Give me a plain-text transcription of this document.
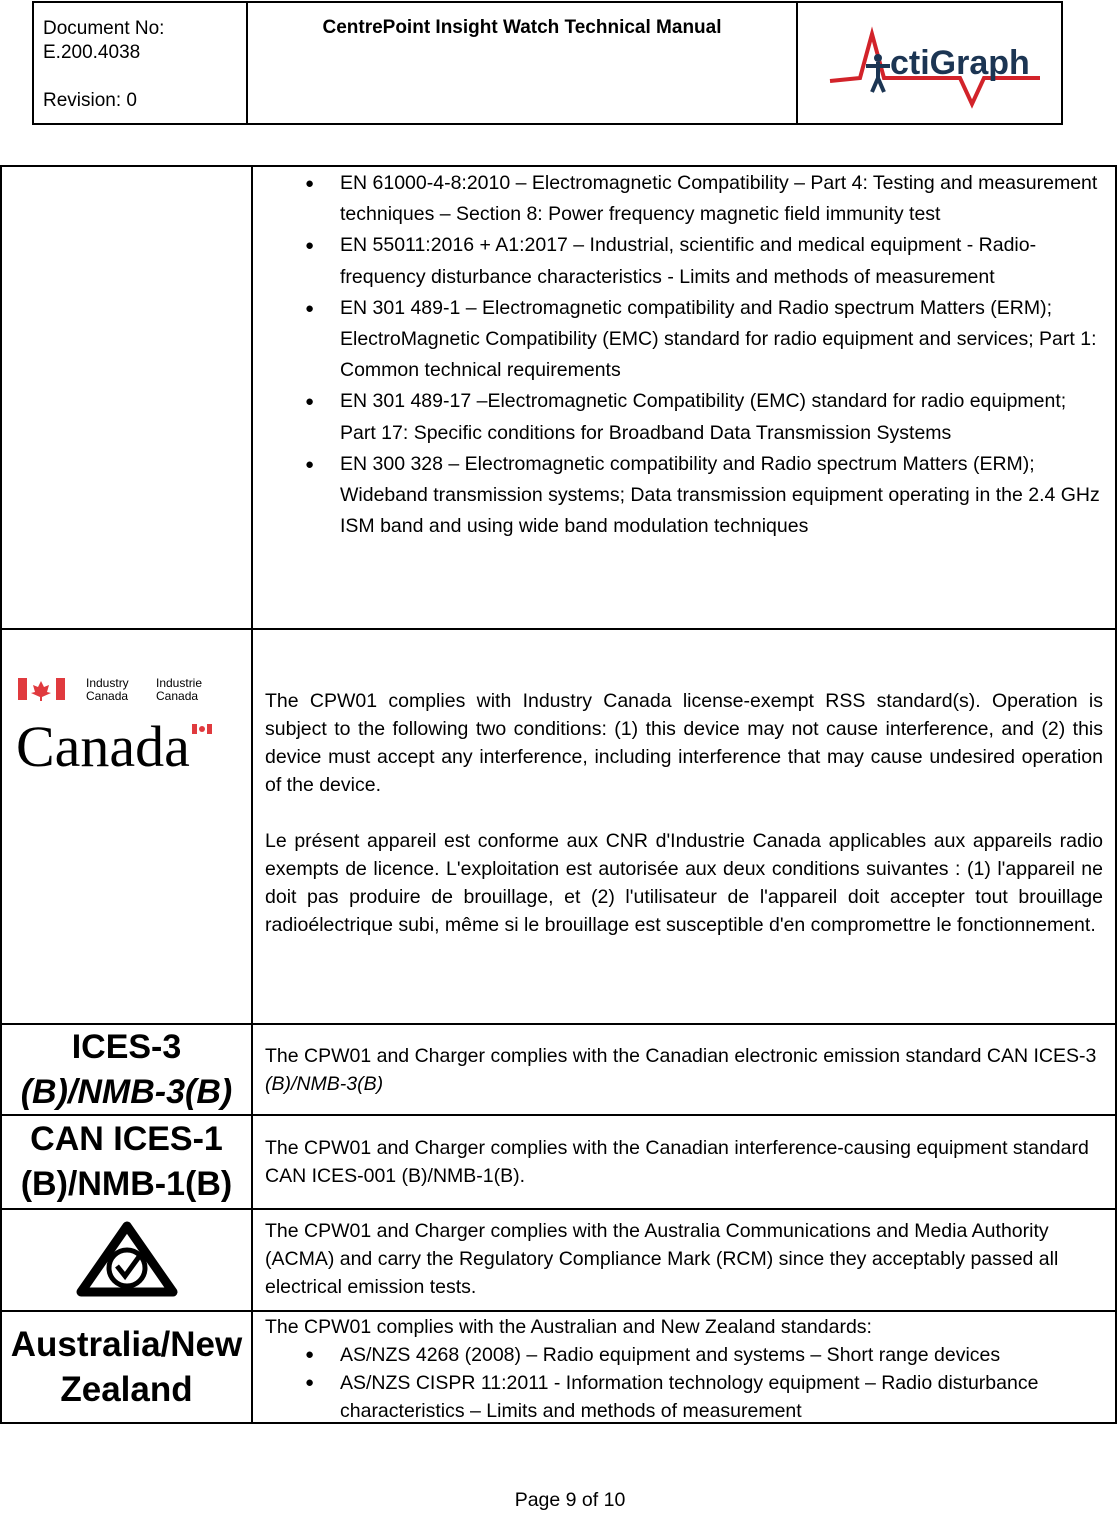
Document No:
E.200.4038
Revision: 0
CentrePoint Insight Watch Technical Manual
ctiGraph
● EN 61000-4-8:2010 – Electromagnetic Compatibility – Part 4: Testing and measurement techniques – Section 8: Power frequency magnetic field immunity test
● EN 55011:2016 + A1:2017 – Industrial, scientific and medical equipment - Radio-frequency disturbance characteristics - Limits and methods of measurement
● EN 301 489-1 – Electromagnetic compatibility and Radio spectrum Matters (ERM); ElectroMagnetic Compatibility (EMC) standard for radio equipment and services; Part 1: Common technical requirements
● EN 301 489-17 –Electromagnetic Compatibility (EMC) standard for radio equipment; Part 17: Specific conditions for Broadband Data Transmission Systems
● EN 300 328 – Electromagnetic compatibility and Radio spectrum Matters (ERM); Wideband transmission systems; Data transmission equipment operating in the 2.4 GHz ISM band and using wide band modulation techniques
Industry
Canada
Industrie
Canada
Canada

The CPW01 complies with Industry Canada license-exempt RSS standard(s). Operation is subject to the following two conditions: (1) this device may not cause interference, and (2) this device must accept any interference, including interference that may cause undesired operation of the device.

Le présent appareil est conforme aux CNR d'Industrie Canada applicables aux appareils radio exempts de licence. L'exploitation est autorisée aux deux conditions suivantes : (1) l'appareil ne doit pas produire de brouillage, et (2) l'utilisateur de l'appareil doit accepter tout brouillage radioélectrique subi, même si le brouillage est susceptible d'en compromettre le fonctionnement.

ICES-3
(B)/NMB-3(B)
The CPW01 and Charger complies with the Canadian electronic emission standard CAN ICES-3 (B)/NMB-3(B)
CAN ICES-1
(B)/NMB-1(B)
The CPW01 and Charger complies with the Canadian interference-causing equipment standard CAN ICES-001 (B)/NMB-1(B).
The CPW01 and Charger complies with the Australia Communications and Media Authority (ACMA) and carry the Regulatory Compliance Mark (RCM) since they acceptably passed all electrical emission tests.
Australia/New
Zealand
The CPW01 complies with the Australian and New Zealand standards:
● AS/NZS 4268 (2008) – Radio equipment and systems – Short range devices
● AS/NZS CISPR 11:2011 - Information technology equipment – Radio disturbance characteristics – Limits and methods of measurement
Page 9 of 10
